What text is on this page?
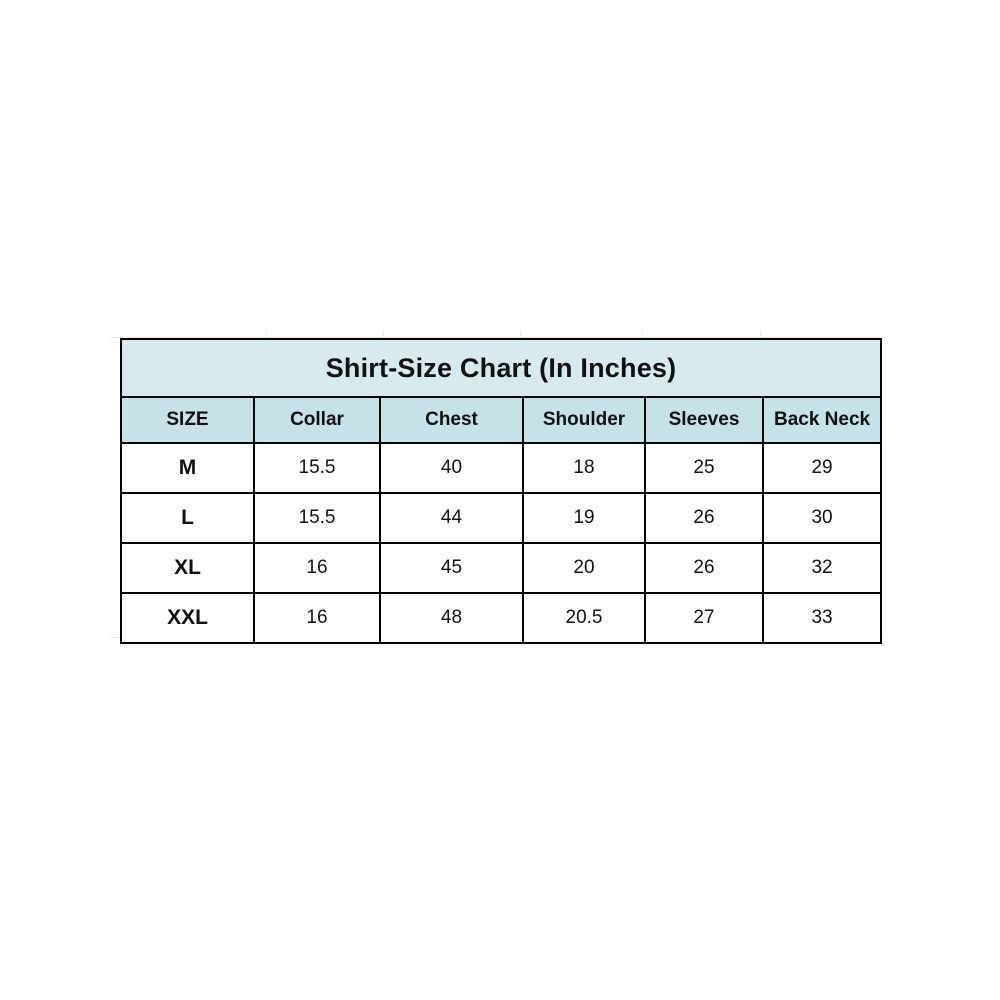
Shirt-Size Chart (In Inches)					
SIZE	Collar	Chest	Shoulder	Sleeves	Back Neck
M	15.5	40	18	25	29
L	15.5	44	19	26	30
XL	16	45	20	26	32
XXL	16	48	20.5	27	33
